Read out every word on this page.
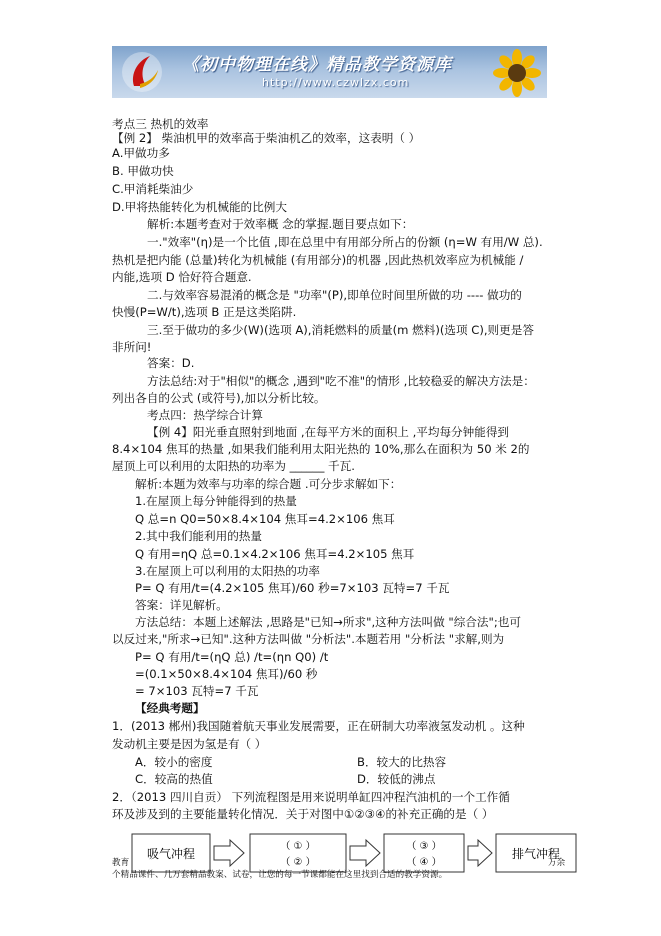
《初中物理在线》精品教学资源库
http://www.czwlzx.com
考点三 热机的效率
【例 2】 柴油机甲的效率高于柴油机乙的效率，这表明（ ）
A.甲做功多
B. 甲做功快
C.甲消耗柴油少
D.甲将热能转化为机械能的比例大
解析:本题考查对于效率概 念的掌握.题目要点如下：
一."效率"(η)是一个比值 ,即在总里中有用部分所占的份额 (η=W 有用/W 总).
热机是把内能 (总量)转化为机械能 (有用部分)的机器 ,因此热机效率应为机械能 /
内能,选项 D 恰好符合题意.
二.与效率容易混淆的概念是 "功率"(P),即单位时间里所做的功 ---- 做功的
快慢(P=W/t),选项 B 正是这类陷阱.
三.至于做功的多少(W)(选项 A),消耗燃料的质量(m 燃料)(选项 C),则更是答
非所问!
答案：D.
方法总结:对于"相似"的概念 ,遇到"吃不准"的情形 ,比较稳妥的解决方法是：
列出各自的公式 (或符号),加以分析比较。
考点四：热学综合计算
【例 4】阳光垂直照射到地面 ,在每平方米的面积上 ,平均每分钟能得到
8.4×104 焦耳的热量 ,如果我们能利用太阳光热的 10%,那么在面积为 50 米 2的
屋顶上可以利用的太阳热的功率为 ______ 千瓦.
解析:本题为效率与功率的综合题 .可分步求解如下：
1.在屋顶上每分钟能得到的热量
Q 总=n Q0=50×8.4×104 焦耳=4.2×106 焦耳
2.其中我们能利用的热量
Q 有用=ηQ 总=0.1×4.2×106 焦耳=4.2×105 焦耳
3.在屋顶上可以利用的太阳热的功率
P= Q 有用/t=(4.2×105 焦耳)/60 秒=7×103 瓦特=7 千瓦
答案：详见解析。
方法总结：本题上述解法 ,思路是"已知→所求",这种方法叫做 "综合法";也可
以反过来,"所求→已知".这种方法叫做 "分析法".本题若用 "分析法 "求解,则为
P= Q 有用/t=(ηQ 总) /t=(ηn Q0) /t
=(0.1×50×8.4×104 焦耳)/60 秒
= 7×103 瓦特=7 千瓦
【经典考题】
1．(2013 郴州)我国随着航天事业发展需要，正在研制大功率液氢发动机 。这种
发动机主要是因为氢是有（ ）
A．较小的密度	B．较大的比热容
C．较高的热值	D．较低的沸点
2．（2013 四川自贡） 下列流程图是用来说明单缸四冲程汽油机的一个工作循
环及涉及到的主要能量转化情况．关于对图中①②③④的补充正确的是（ ）
吸气冲程
（ ① ）
（ ② ）
（ ③ ）
（ ④ ）
排气冲程
教育	万余
个精品课件、几万套精品教案、试卷，让您的每一节课都能在这里找到合适的教学资源。
